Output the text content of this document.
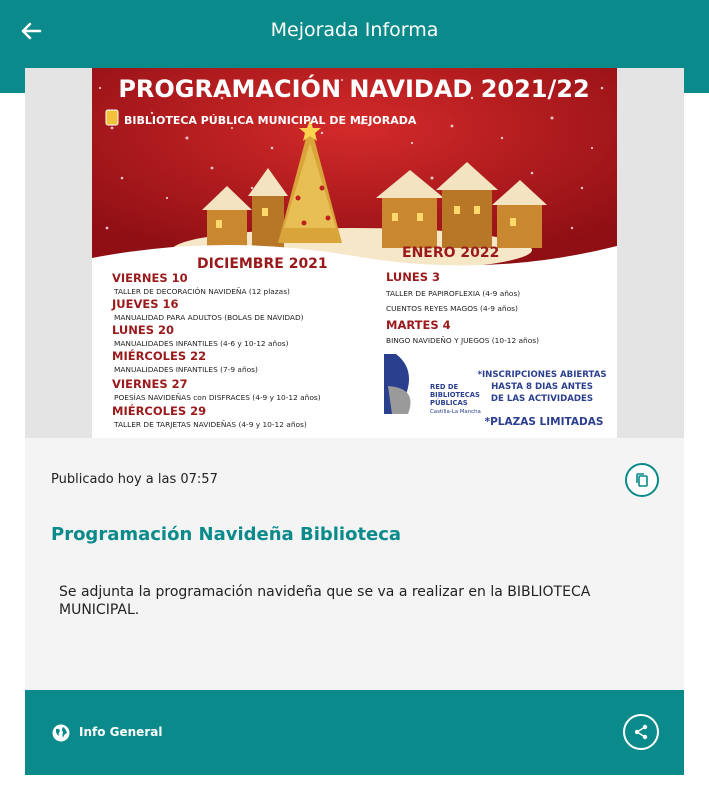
Mejorada Informa
PROGRAMACIÓN NAVIDAD 2021/22
BIBLIOTECA PÚBLICA MUNICIPAL DE MEJORADA
DICIEMBRE 2021
VIERNES 10
JUEVES 16
LUNES 20
MIÉRCOLES 22
VIERNES 27
MIÉRCOLES 29
TALLER DE DECORACIÓN NAVIDEÑA (12 plazas)
MANUALIDAD PARA ADULTOS (BOLAS DE NAVIDAD)
MANUALIDADES INFANTILES (4-6 y 10-12 años)
MANUALIDADES INFANTILES (7-9 años)
POESÍAS NAVIDEÑAS con DISFRACES (4-9 y 10-12 años)
TALLER DE TARJETAS NAVIDEÑAS (4-9 y 10-12 años)
ENERO 2022
LUNES 3
MARTES 4
TALLER DE PAPIROFLEXIA (4-9 años)
CUENTOS REYES MAGOS (4-9 años)
BINGO NAVIDEÑO Y JUEGOS (10-12 años)
RED DE
BIBLIOTECAS
PÚBLICAS
Castilla-La Mancha
*INSCRIPCIONES ABIERTAS
HASTA 8 DIAS ANTES
DE LAS ACTIVIDADES
*PLAZAS LIMITADAS
Publicado hoy a las 07:57
Programación Navideña Biblioteca
Se adjunta la programación navideña que se va a realizar en la BIBLIOTECA MUNICIPAL.
Info General
